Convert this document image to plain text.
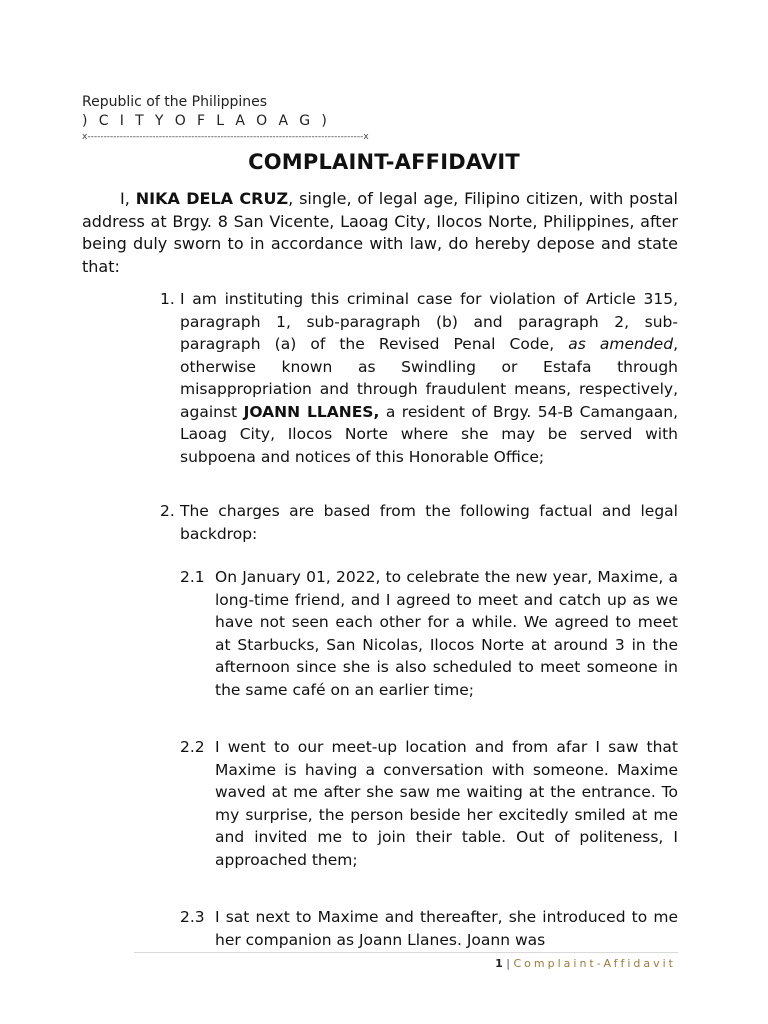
Republic of the Philippines
) C I T Y O F L A O A G )
x-------------------------------------------------------------------------------------x
COMPLAINT-AFFIDAVIT
I, NIKA DELA CRUZ, single, of legal age, Filipino citizen, with postal address at Brgy. 8 San Vicente, Laoag City, Ilocos Norte, Philippines, after being duly sworn to in accordance with law, do hereby depose and state that:
1. I am instituting this criminal case for violation of Article 315, paragraph 1, sub-paragraph (b) and paragraph 2, sub-paragraph (a) of the Revised Penal Code, as amended, otherwise known as Swindling or Estafa through misappropriation and through fraudulent means, respectively, against JOANN LLANES, a resident of Brgy. 54-B Camangaan, Laoag City, Ilocos Norte where she may be served with subpoena and notices of this Honorable Office;
2. The charges are based from the following factual and legal backdrop:
2.1 On January 01, 2022, to celebrate the new year, Maxime, a long-time friend, and I agreed to meet and catch up as we have not seen each other for a while. We agreed to meet at Starbucks, San Nicolas, Ilocos Norte at around 3 in the afternoon since she is also scheduled to meet someone in the same café on an earlier time;
2.2 I went to our meet-up location and from afar I saw that Maxime is having a conversation with someone. Maxime waved at me after she saw me waiting at the entrance. To my surprise, the person beside her excitedly smiled at me and invited me to join their table. Out of politeness, I approached them;
2.3 I sat next to Maxime and thereafter, she introduced to me her companion as Joann Llanes. Joann was
1 | Complaint-Affidavit
